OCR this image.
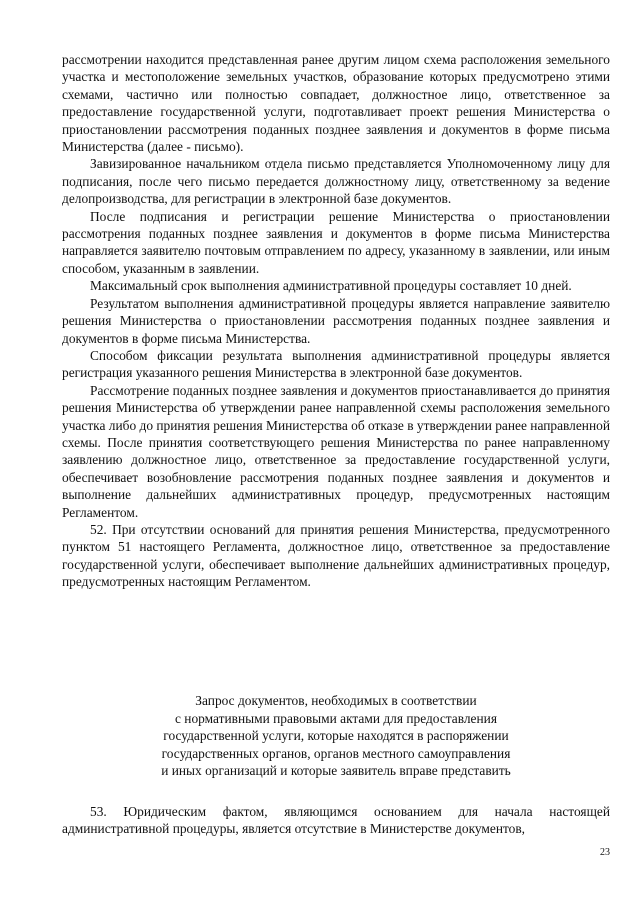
рассмотрении находится представленная ранее другим лицом схема расположения земельного участка и местоположение земельных участков, образование которых предусмотрено этими схемами, частично или полностью совпадает, должностное лицо, ответственное за предоставление государственной услуги, подготавливает проект решения Министерства о приостановлении рассмотрения поданных позднее заявления и документов в форме письма Министерства (далее - письмо).

Завизированное начальником отдела письмо представляется Уполномоченному лицу для подписания, после чего письмо передается должностному лицу, ответственному за ведение делопроизводства, для регистрации в электронной базе документов.

После подписания и регистрации решение Министерства о приостановлении рассмотрения поданных позднее заявления и документов в форме письма Министерства направляется заявителю почтовым отправлением по адресу, указанному в заявлении, или иным способом, указанным в заявлении.

Максимальный срок выполнения административной процедуры составляет 10 дней.

Результатом выполнения административной процедуры является направление заявителю решения Министерства о приостановлении рассмотрения поданных позднее заявления и документов в форме письма Министерства.

Способом фиксации результата выполнения административной процедуры является регистрация указанного решения Министерства в электронной базе документов.

Рассмотрение поданных позднее заявления и документов приостанавливается до принятия решения Министерства об утверждении ранее направленной схемы расположения земельного участка либо до принятия решения Министерства об отказе в утверждении ранее направленной схемы. После принятия соответствующего решения Министерства по ранее направленному заявлению должностное лицо, ответственное за предоставление государственной услуги, обеспечивает возобновление рассмотрения поданных позднее заявления и документов и выполнение дальнейших административных процедур, предусмотренных настоящим Регламентом.

52. При отсутствии оснований для принятия решения Министерства, предусмотренного пунктом 51 настоящего Регламента, должностное лицо, ответственное за предоставление государственной услуги, обеспечивает выполнение дальнейших административных процедур, предусмотренных настоящим Регламентом.

Запрос документов, необходимых в соответствии
с нормативными правовыми актами для предоставления
государственной услуги, которые находятся в распоряжении
государственных органов, органов местного самоуправления
и иных организаций и которые заявитель вправе представить

53. Юридическим фактом, являющимся основанием для начала настоящей административной процедуры, является отсутствие в Министерстве документов,

23
